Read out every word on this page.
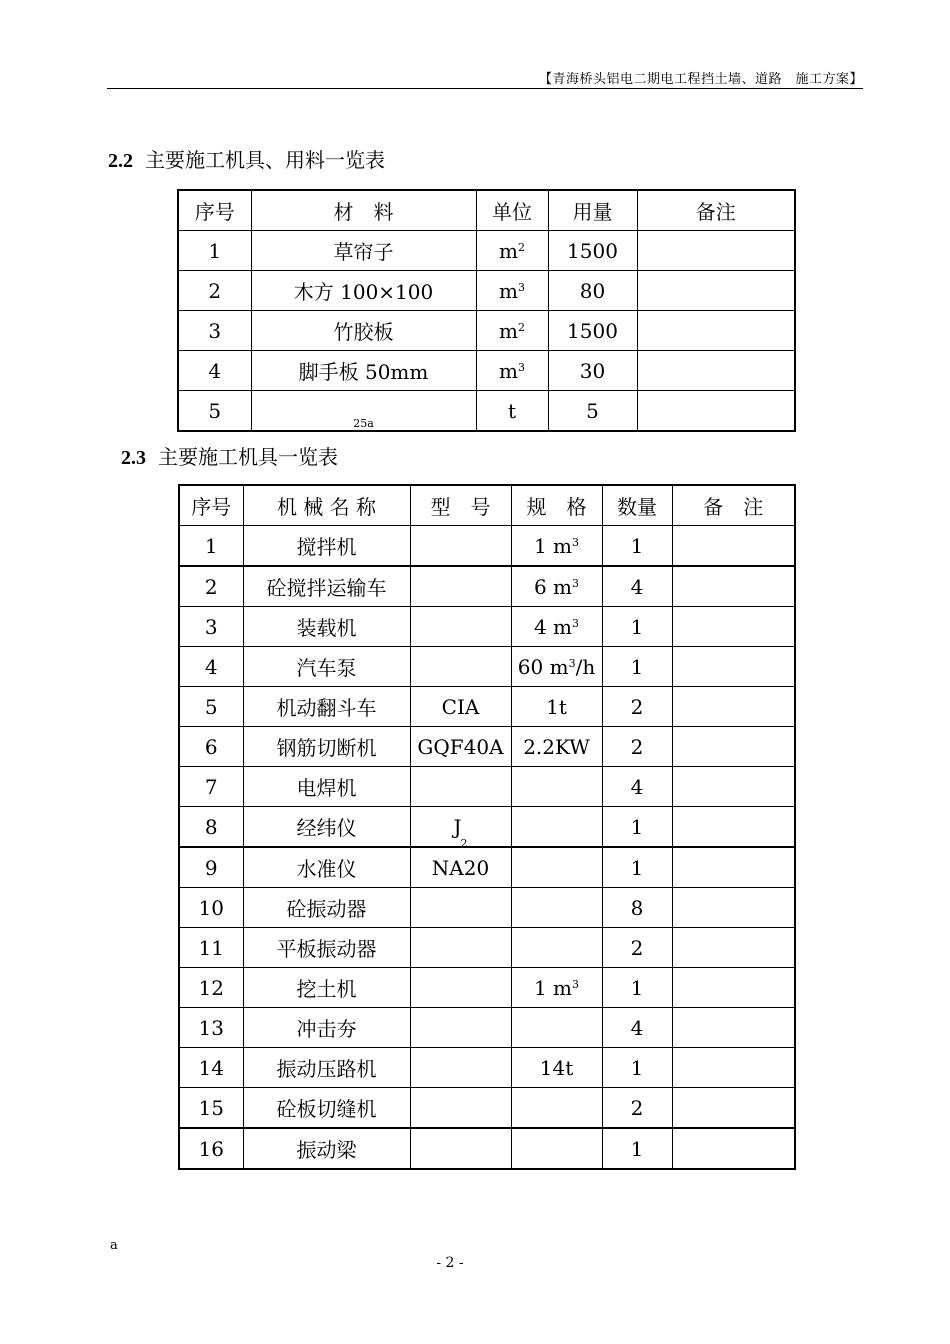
【青海桥头铝电二期电工程挡土墙、道路　施工方案】
2.2 主要施工机具、用料一览表
序号	材　料	单位	用量	备注
1	草帘子	$m^2$	1500	
2	木方 100×100	$m^3$	80	
3	竹胶板	$m^2$	1500	
4	脚手板 50mm	$m^3$	30	
5	25a	t	5	
2.3 主要施工机具一览表
序号	机 械 名 称	型　号	规　格	数量	备　注
1	搅拌机		1 $m^3$	1	
2	砼搅拌运输车		6 $m^3$	4	
3	装载机		4 $m^3$	1	
4	汽车泵		60 $m^3/h$	1	
5	机动翻斗车	CIA	1t	2	
6	钢筋切断机	GQF40A	2.2KW	2	
7	电焊机			4	
8	经纬仪	$J_2$		1	
9	水准仪	NA20		1	
10	砼振动器			8	
11	平板振动器			2	
12	挖土机		1 $m^3$	1	
13	冲击夯			4	
14	振动压路机		14t	1	
15	砼板切缝机			2	
16	振动梁			1	
a
- 2 -
